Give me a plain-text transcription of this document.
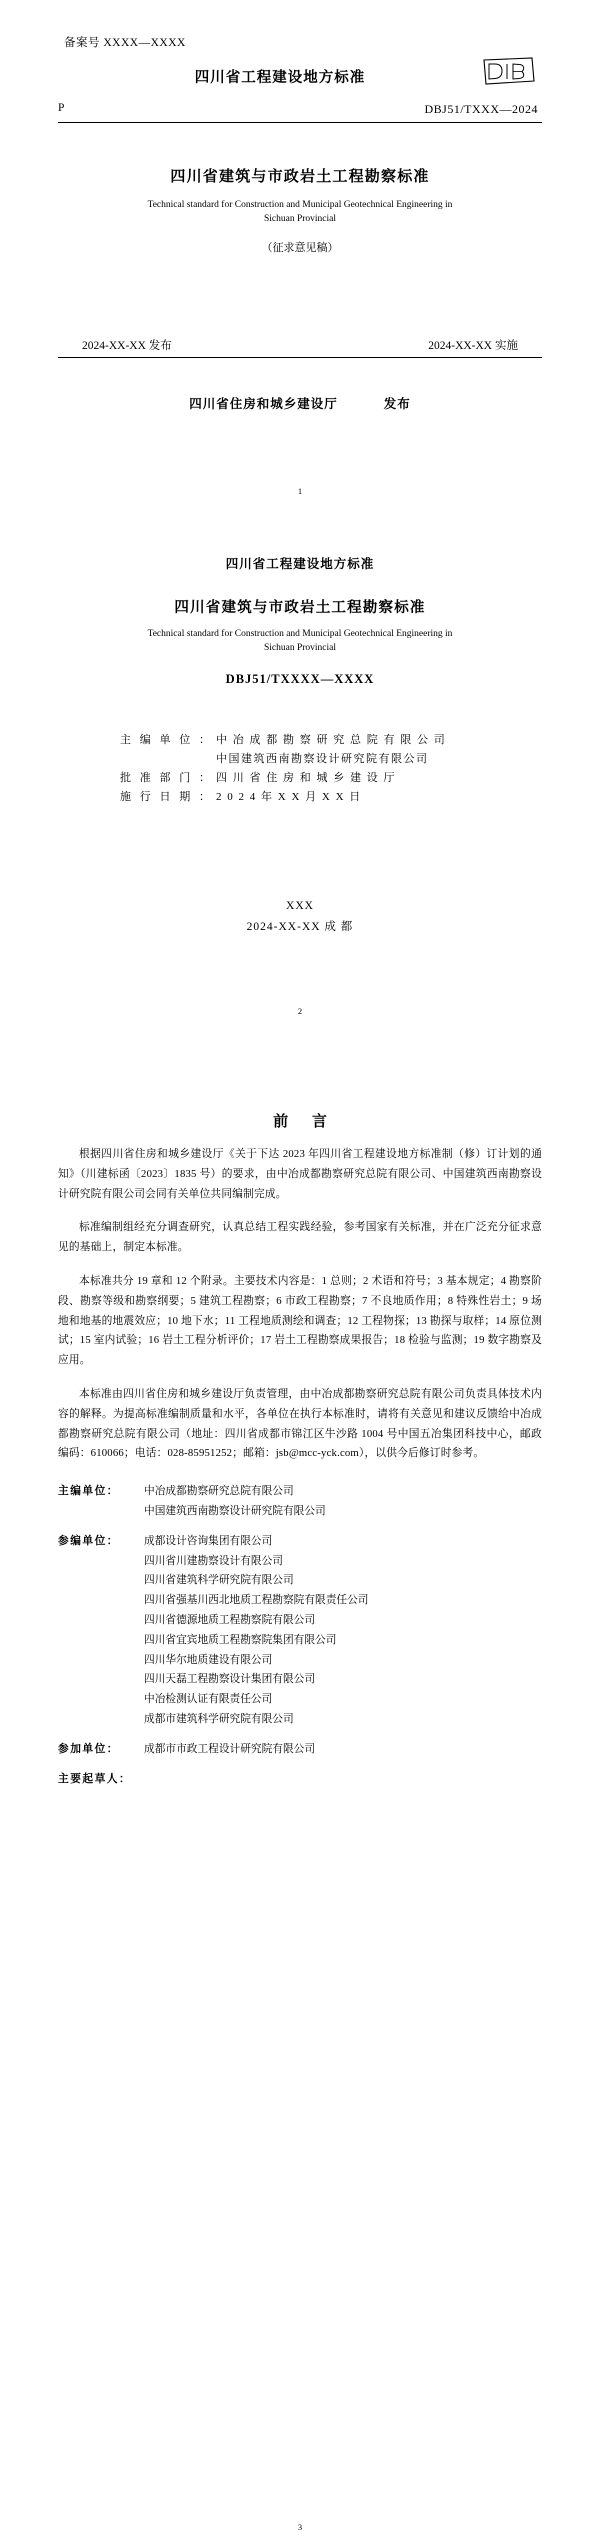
备案号 XXXX—XXXX
四川省工程建设地方标准
P	DBJ51/TXXX—2024
四川省建筑与市政岩土工程勘察标准
Technical standard for Construction and Municipal Geotechnical Engineering in
Sichuan Provincial
（征求意见稿）
2024-XX-XX 发布	2024-XX-XX 实施
四川省住房和城乡建设厅	发布
1
四川省工程建设地方标准
四川省建筑与市政岩土工程勘察标准
Technical standard for Construction and Municipal Geotechnical Engineering in
Sichuan Provincial
DBJ51/TXXXX—XXXX
主 编 单 位 ： 中 冶 成 都 勘 察 研 究 总 院 有 限 公 司
中国建筑西南勘察设计研究院有限公司
批 准 部 门 ： 四 川 省 住 房 和 城 乡 建 设 厅
施 行 日 期 ： 2 0 2 4 年 X X 月 X X 日
XXX
2024-XX-XX 成 都
2
前 言
根据四川省住房和城乡建设厅《关于下达 2023 年四川省工程建设地方标准制（修）订计划的通知》（川建标函〔2023〕1835 号）的要求，由中冶成都勘察研究总院有限公司、中国建筑西南勘察设计研究院有限公司会同有关单位共同编制完成。
标准编制组经充分调查研究，认真总结工程实践经验，参考国家有关标准，并在广泛充分征求意见的基础上，制定本标准。
本标准共分 19 章和 12 个附录。主要技术内容是：1 总则；2 术语和符号；3 基本规定；4 勘察阶段、勘察等级和勘察纲要；5 建筑工程勘察；6 市政工程勘察；7 不良地质作用；8 特殊性岩土；9 场地和地基的地震效应；10 地下水；11 工程地质测绘和调查；12 工程物探；13 勘探与取样；14 原位测试；15 室内试验；16 岩土工程分析评价；17 岩土工程勘察成果报告；18 检验与监测；19 数字勘察及应用。
本标准由四川省住房和城乡建设厅负责管理，由中冶成都勘察研究总院有限公司负责具体技术内容的解释。为提高标准编制质量和水平，各单位在执行本标准时，请将有关意见和建议反馈给中冶成都勘察研究总院有限公司（地址：四川省成都市锦江区牛沙路 1004 号中国五冶集团科技中心，邮政编码：610066；电话：028-85951252；邮箱：jsb@mcc-yck.com），以供今后修订时参考。
主编单位：	中冶成都勘察研究总院有限公司
中国建筑西南勘察设计研究院有限公司
参编单位：	成都设计咨询集团有限公司
四川省川建勘察设计有限公司
四川省建筑科学研究院有限公司
四川省强基川西北地质工程勘察院有限责任公司
四川省德源地质工程勘察院有限公司
四川省宜宾地质工程勘察院集团有限公司
四川华尔地质建设有限公司
四川天磊工程勘察设计集团有限公司
中冶检测认证有限责任公司
成都市建筑科学研究院有限公司
参加单位：	成都市市政工程设计研究院有限公司
主要起草人：
3
